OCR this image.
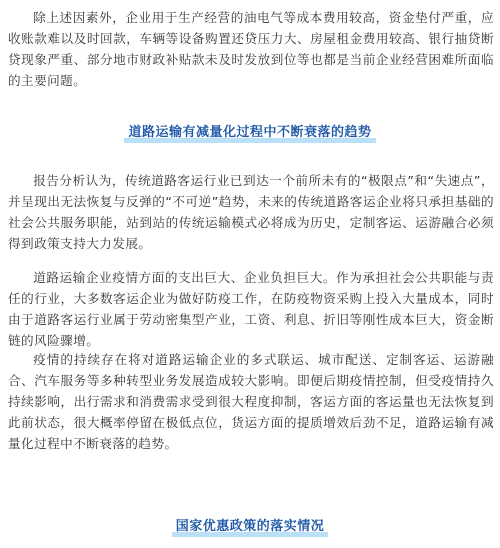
除上述因素外，企业用于生产经营的油电气等成本费用较高，资金垫付严重，应收账款难以及时回款，车辆等设备购置还贷压力大、房屋租金费用较高、银行抽贷断贷现象严重、部分地市财政补贴款未及时发放到位等也都是当前企业经营困难所面临的主要问题。

道路运输有减量化过程中不断衰落的趋势

报告分析认为，传统道路客运行业已到达一个前所未有的“极限点”和“失速点”，并呈现出无法恢复与反弹的“不可逆”趋势，未来的传统道路客运企业将只承担基础的社会公共服务职能，站到站的传统运输模式必将成为历史，定制客运、运游融合必须得到政策支持大力发展。

道路运输企业疫情方面的支出巨大、企业负担巨大。作为承担社会公共职能与责任的行业，大多数客运企业为做好防疫工作，在防疫物资采购上投入大量成本，同时由于道路客运行业属于劳动密集型产业，工资、利息、折旧等刚性成本巨大，资金断链的风险骤增。

疫情的持续存在将对道路运输企业的多式联运、城市配送、定制客运、运游融合、汽车服务等多种转型业务发展造成较大影响。即便后期疫情控制，但受疫情持久持续影响，出行需求和消费需求受到很大程度抑制，客运方面的客运量也无法恢复到此前状态，很大概率停留在极低点位，货运方面的提质增效后劲不足，道路运输有减量化过程中不断衰落的趋势。

国家优惠政策的落实情况
